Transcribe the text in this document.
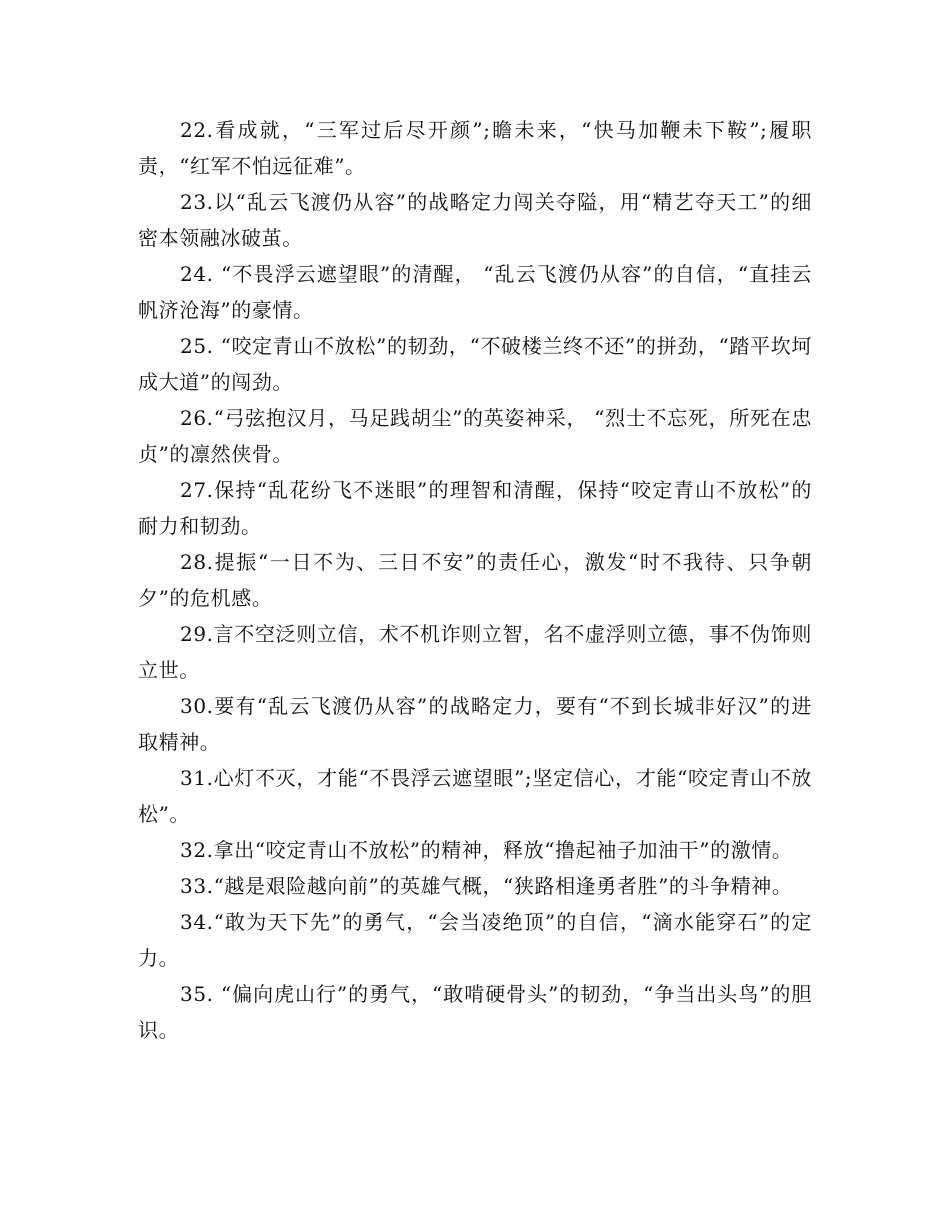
22.看成就，“三军过后尽开颜”;瞻未来，“快马加鞭未下鞍”;履职责，“红军不怕远征难”。

23.以“乱云飞渡仍从容”的战略定力闯关夺隘，用“精艺夺天工”的细密本领融冰破茧。

24. “不畏浮云遮望眼”的清醒， “乱云飞渡仍从容”的自信，“直挂云帆济沧海”的豪情。

25. “咬定青山不放松”的韧劲，“不破楼兰终不还”的拼劲，“踏平坎坷成大道”的闯劲。

26.“弓弦抱汉月，马足践胡尘”的英姿神采， “烈士不忘死，所死在忠贞”的凛然侠骨。

27.保持“乱花纷飞不迷眼”的理智和清醒，保持“咬定青山不放松”的耐力和韧劲。

28.提振“一日不为、三日不安”的责任心，激发“时不我待、只争朝夕”的危机感。

29.言不空泛则立信，术不机诈则立智，名不虚浮则立德，事不伪饰则立世。

30.要有“乱云飞渡仍从容”的战略定力，要有“不到长城非好汉”的进取精神。

31.心灯不灭，才能“不畏浮云遮望眼”;坚定信心，才能“咬定青山不放松”。

32.拿出“咬定青山不放松”的精神，释放“撸起袖子加油干”的激情。

33.“越是艰险越向前”的英雄气概，“狭路相逢勇者胜”的斗争精神。

34.“敢为天下先”的勇气，“会当凌绝顶”的自信，“滴水能穿石”的定力。

35. “偏向虎山行”的勇气，“敢啃硬骨头”的韧劲，“争当出头鸟”的胆识。
